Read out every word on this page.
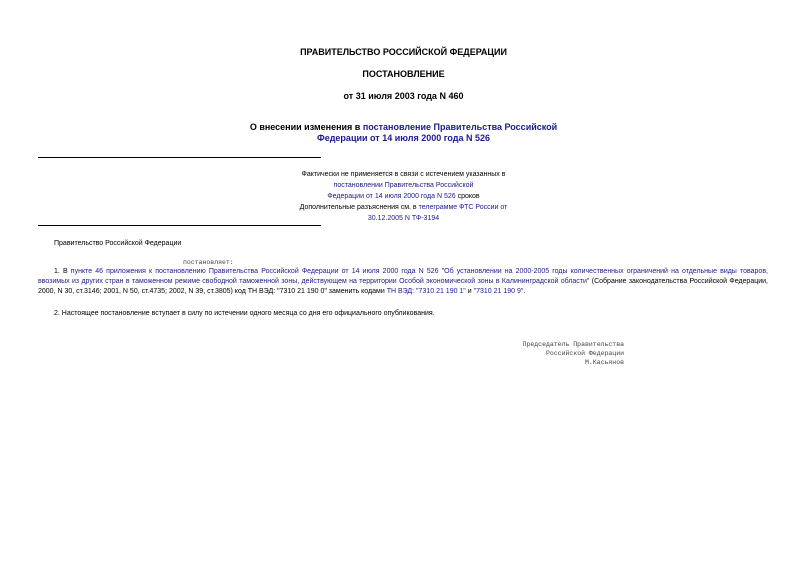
ПРАВИТЕЛЬСТВО РОССИЙСКОЙ ФЕДЕРАЦИИ
ПОСТАНОВЛЕНИЕ
от 31 июля 2003 года N 460
О внесении изменения в постановление Правительства Российской
Федерации от 14 июля 2000 года N 526
Фактически не применяется в связи с истечением указанных в
постановлении Правительства Российской
Федерации от 14 июля 2000 года N 526 сроков
Дополнительные разъяснения см. в телеграмме ФТС России от
30.12.2005 N ТФ-3194
Правительство Российской Федерации
постановляет:
1. В пункте 46 приложения к постановлению Правительства Российской Федерации от 14 июля 2000 года N 526 "Об установлении на 2000-2005 годы количественных ограничений на отдельные виды товаров, ввозимых из других стран в таможенном режиме свободной таможенной зоны, действующем на территории Особой экономической зоны в Калининградской области" (Собрание законодательства Российской Федерации, 2000, N 30, ст.3146; 2001, N 50, ст.4735; 2002, N 39, ст.3805) код ТН ВЭД: "7310 21 190 0" заменить кодами ТН ВЭД: "7310 21 190 1" и "7310 21 190 9".
2. Настоящее постановление вступает в силу по истечении одного месяца со дня его официального опубликования.
Председатель Правительства
Российской Федерации
М.Касьянов
